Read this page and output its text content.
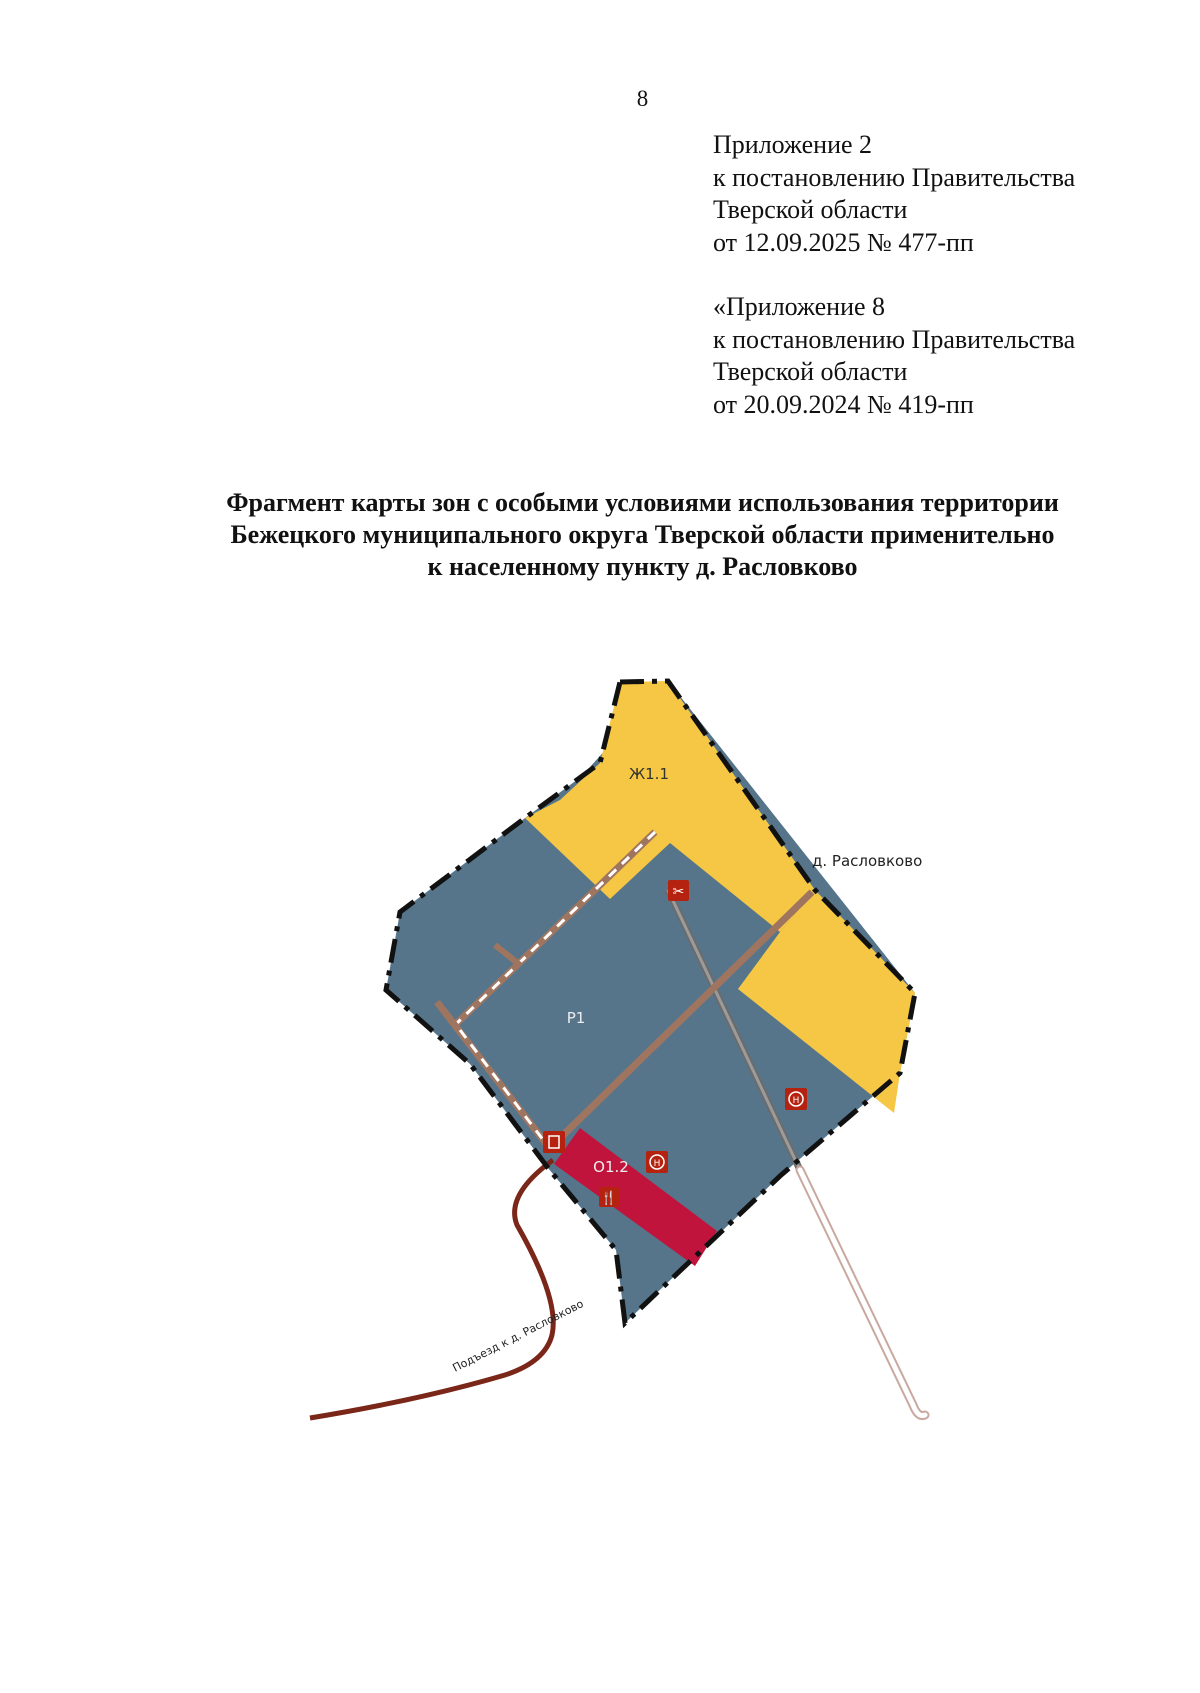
8
Приложение 2
к постановлению Правительства
Тверской области
от 12.09.2025 № 477-пп
«Приложение 8
к постановлению Правительства
Тверской области
от 20.09.2024 № 419-пп
Фрагмент карты зон с особыми условиями использования территории
Бежецкого муниципального округа Тверской области применительно
к населенному пункту д. Расловково
✂
H
H
🍴
Ж1.1
Р1
О1.2
д. Расловково
Подъезд к д. Расловково
